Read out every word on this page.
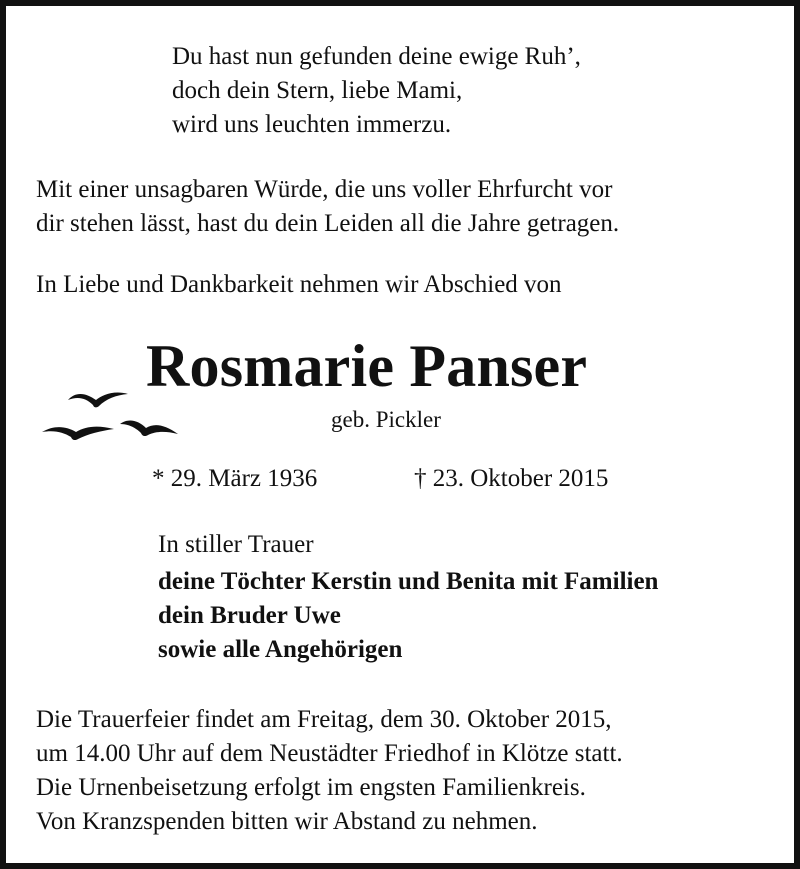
Du hast nun gefunden deine ewige Ruh’,

doch dein Stern, liebe Mami,

wird uns leuchten immerzu.

Mit einer unsagbaren Würde, die uns voller Ehrfurcht vor

dir stehen lässt, hast du dein Leiden all die Jahre getragen.

In Liebe und Dankbarkeit nehmen wir Abschied von

Rosmarie Panser

geb. Pickler

* 29. März 1936	† 23. Oktober 2015

In stiller Trauer

deine Töchter Kerstin und Benita mit Familien

dein Bruder Uwe

sowie alle Angehörigen

Die Trauerfeier findet am Freitag, dem 30. Oktober 2015,

um 14.00 Uhr auf dem Neustädter Friedhof in Klötze statt.

Die Urnenbeisetzung erfolgt im engsten Familienkreis.

Von Kranzspenden bitten wir Abstand zu nehmen.
